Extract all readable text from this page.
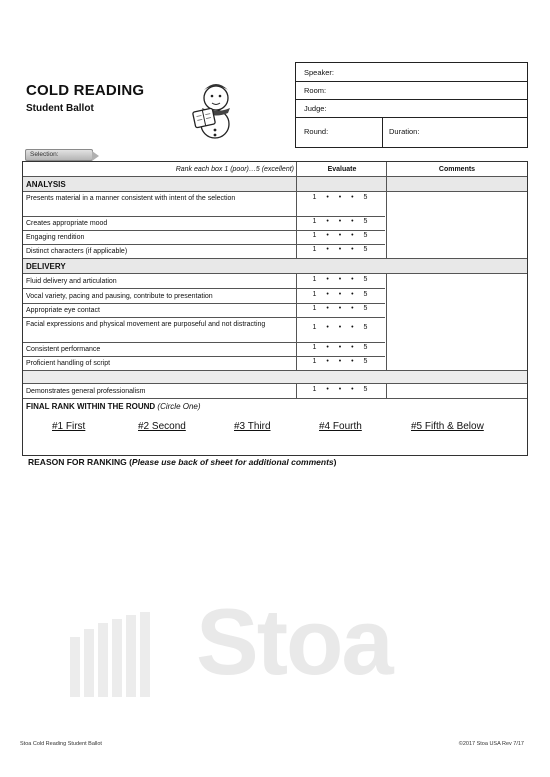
COLD READING
Student Ballot
Speaker:
Room:
Judge:
Round:	Duration:
Selection:
Rank each box 1 (poor)…5 (excellent)	Evaluate	Comments
ANALYSIS
Presents material in a manner consistent with intent of the selection	1 • • • 5
Creates appropriate mood	1 • • • 5
Engaging rendition	1 • • • 5
Distinct characters (if applicable)	1 • • • 5
DELIVERY
Fluid delivery and articulation	1 • • • 5
Vocal variety, pacing and pausing, contribute to presentation	1 • • • 5
Appropriate eye contact	1 • • • 5
Facial expressions and physical movement are purposeful and not distracting	1 • • • 5
Consistent performance	1 • • • 5
Proficient handling of script	1 • • • 5
Demonstrates general professionalism	1 • • • 5
FINAL RANK WITHIN THE ROUND (Circle One)
#1 First	#2 Second	#3 Third	#4 Fourth	#5 Fifth & Below
REASON FOR RANKING (Please use back of sheet for additional comments)
Stoa
Stoa Cold Reading Student Ballot	©2017 Stoa USA Rev 7/17
